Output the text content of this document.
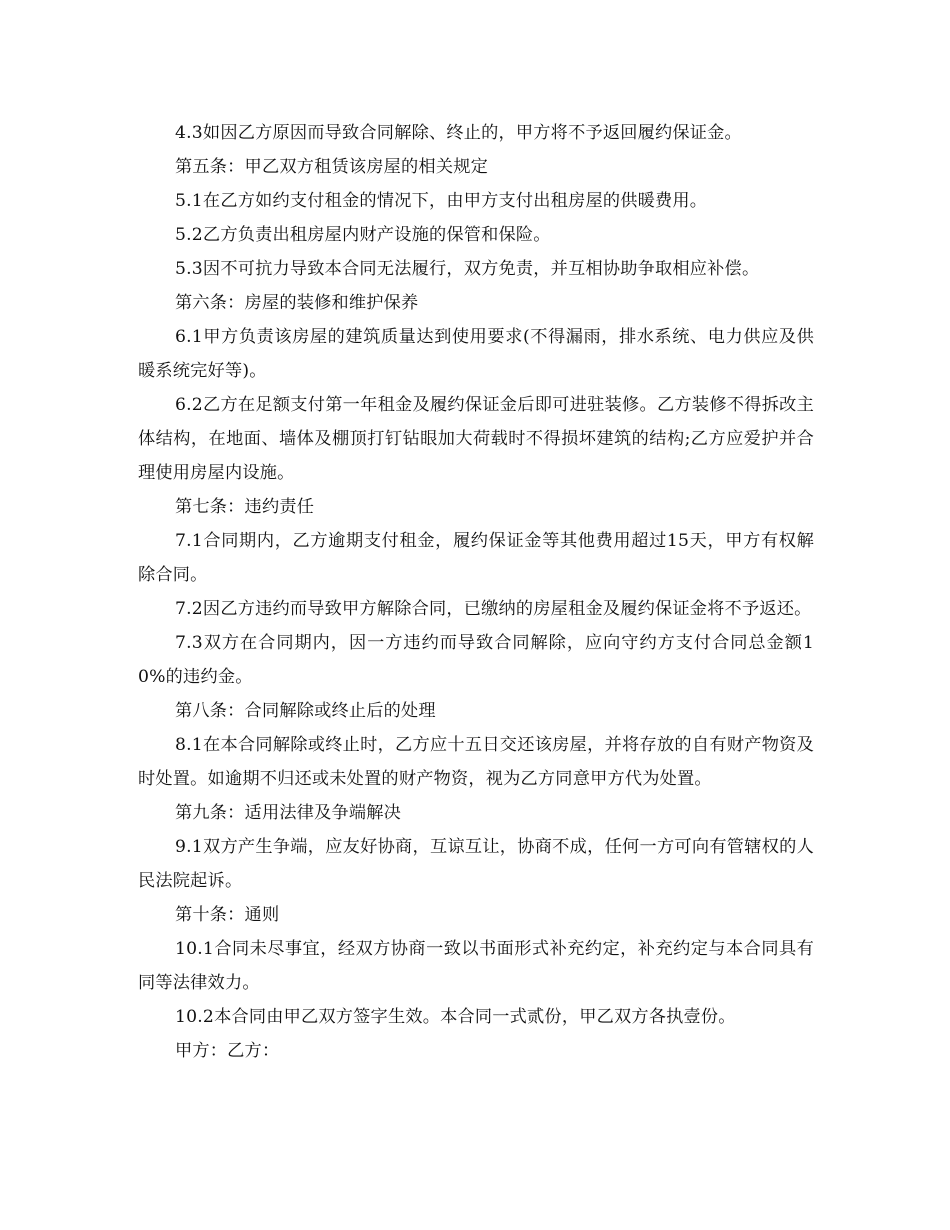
4.3如因乙方原因而导致合同解除、终止的，甲方将不予返回履约保证金。

第五条：甲乙双方租赁该房屋的相关规定

5.1在乙方如约支付租金的情况下，由甲方支付出租房屋的供暖费用。

5.2乙方负责出租房屋内财产设施的保管和保险。

5.3因不可抗力导致本合同无法履行，双方免责，并互相协助争取相应补偿。

第六条：房屋的装修和维护保养

6.1甲方负责该房屋的建筑质量达到使用要求(不得漏雨，排水系统、电力供应及供暖系统完好等)。

6.2乙方在足额支付第一年租金及履约保证金后即可进驻装修。乙方装修不得拆改主体结构，在地面、墙体及棚顶打钉钻眼加大荷载时不得损坏建筑的结构;乙方应爱护并合理使用房屋内设施。

第七条：违约责任

7.1合同期内，乙方逾期支付租金，履约保证金等其他费用超过15天，甲方有权解除合同。

7.2因乙方违约而导致甲方解除合同，已缴纳的房屋租金及履约保证金将不予返还。

7.3双方在合同期内，因一方违约而导致合同解除，应向守约方支付合同总金额10%的违约金。

第八条：合同解除或终止后的处理

8.1在本合同解除或终止时，乙方应十五日交还该房屋，并将存放的自有财产物资及时处置。如逾期不归还或未处置的财产物资，视为乙方同意甲方代为处置。

第九条：适用法律及争端解决

9.1双方产生争端，应友好协商，互谅互让，协商不成，任何一方可向有管辖权的人民法院起诉。

第十条：通则

10.1合同未尽事宜，经双方协商一致以书面形式补充约定，补充约定与本合同具有同等法律效力。

10.2本合同由甲乙双方签字生效。本合同一式贰份，甲乙双方各执壹份。

甲方：乙方：
